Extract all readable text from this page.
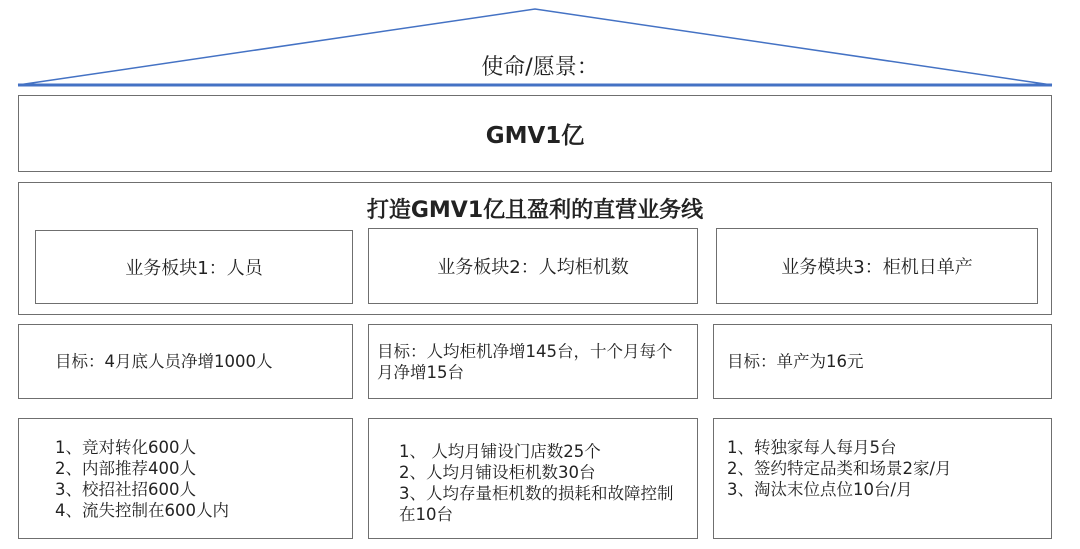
使命/愿景：
GMV1亿
打造GMV1亿且盈利的直营业务线
业务板块1：人员	业务板块2：人均柜机数	业务模块3：柜机日单产
目标：4月底人员净增1000人
目标：人均柜机净增145台，十个月每个月净增15台
目标：单产为16元
1、竞对转化600人
2、内部推荐400人
3、校招社招600人
4、流失控制在600人内
1、 人均月铺设门店数25个
2、人均月铺设柜机数30台
3、人均存量柜机数的损耗和故障控制在10台
1、转独家每人每月5台
2、签约特定品类和场景2家/月
3、淘汰末位点位10台/月
